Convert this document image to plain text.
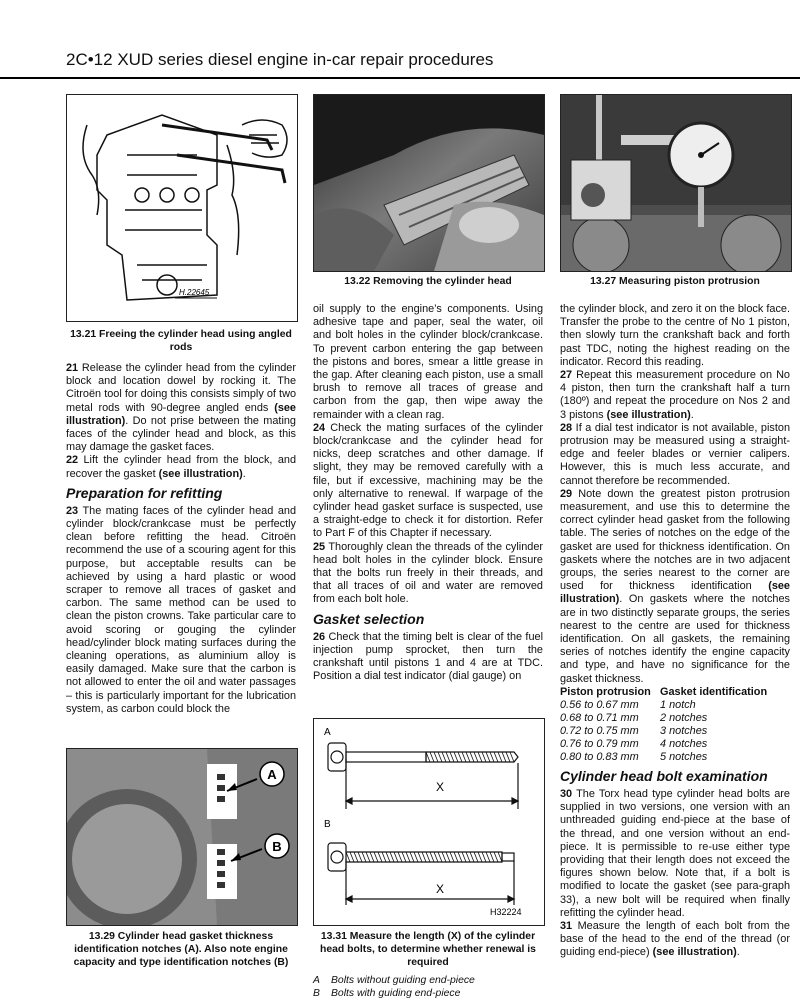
2C•12 XUD series diesel engine in-car repair procedures
H.22645
13.21 Freeing the cylinder head using angled rods
13.22 Removing the cylinder head	13.27 Measuring piston protrusion

21 Release the cylinder head from the cylinder block and location dowel by rocking it. The Citroën tool for doing this consists simply of two metal rods with 90-degree angled ends (see illustration). Do not prise between the mating faces of the cylinder head and block, as this may damage the gasket faces.

22 Lift the cylinder head from the block, and recover the gasket (see illustration).

Preparation for refitting

23 The mating faces of the cylinder head and cylinder block/crankcase must be perfectly clean before refitting the head. Citroën recommend the use of a scouring agent for this purpose, but acceptable results can be achieved by using a hard plastic or wood scraper to remove all traces of gasket and carbon. The same method can be used to clean the piston crowns. Take particular care to avoid scoring or gouging the cylinder head/cylinder block mating surfaces during the cleaning operations, as aluminium alloy is easily damaged. Make sure that the carbon is not allowed to enter the oil and water passages – this is particularly important for the lubrication system, as carbon could block the

A
B
13.29 Cylinder head gasket thickness identification notches (A). Also note engine capacity and type identification notches (B)

oil supply to the engine’s components. Using adhesive tape and paper, seal the water, oil and bolt holes in the cylinder block/crankcase. To prevent carbon entering the gap between the pistons and bores, smear a little grease in the gap. After cleaning each piston, use a small brush to remove all traces of grease and carbon from the gap, then wipe away the remainder with a clean rag.

24 Check the mating surfaces of the cylinder block/crankcase and the cylinder head for nicks, deep scratches and other damage. If slight, they may be removed carefully with a file, but if excessive, machining may be the only alternative to renewal. If warpage of the cylinder head gasket surface is suspected, use a straight-edge to check it for distortion. Refer to Part F of this Chapter if necessary.

25 Thoroughly clean the threads of the cylinder head bolt holes in the cylinder block. Ensure that the bolts run freely in their threads, and that all traces of oil and water are removed from each bolt hole.

Gasket selection

26 Check that the timing belt is clear of the fuel injection pump sprocket, then turn the crankshaft until pistons 1 and 4 are at TDC. Position a dial test indicator (dial gauge) on

A
B
X
X
H32224
13.31 Measure the length (X) of the cylinder head bolts, to determine whether renewal is required
A Bolts without guiding end-piece
B Bolts with guiding end-piece

the cylinder block, and zero it on the block face. Transfer the probe to the centre of No 1 piston, then slowly turn the crankshaft back and forth past TDC, noting the highest reading on the indicator. Record this reading.

27 Repeat this measurement procedure on No 4 piston, then turn the crankshaft half a turn (180º) and repeat the procedure on Nos 2 and 3 pistons (see illustration).

28 If a dial test indicator is not available, piston protrusion may be measured using a straight-edge and feeler blades or vernier calipers. However, this is much less accurate, and cannot therefore be recommended.

29 Note down the greatest piston protrusion measurement, and use this to determine the correct cylinder head gasket from the following table. The series of notches on the edge of the gasket are used for thickness identification. On gaskets where the notches are in two adjacent groups, the series nearest to the corner are used for thickness identification (see illustration). On gaskets where the notches are in two distinctly separate groups, the series nearest to the centre are used for thickness identification. On all gaskets, the remaining series of notches identify the engine capacity and type, and have no significance for the gasket thickness.

Piston protrusion Gasket identification
0.56 to 0.67 mm	1 notch
0.68 to 0.71 mm	2 notches
0.72 to 0.75 mm	3 notches
0.76 to 0.79 mm	4 notches
0.80 to 0.83 mm	5 notches
Cylinder head bolt examination

30 The Torx head type cylinder head bolts are supplied in two versions, one version with an unthreaded guiding end-piece at the base of the thread, and one version without an end-piece. It is permissible to re-use either type providing that their length does not exceed the figures shown below. Note that, if a bolt is modified to locate the gasket (see para-graph 33), a new bolt will be required when finally refitting the cylinder head.

31 Measure the length of each bolt from the base of the head to the end of the thread (or guiding end-piece) (see illustration).
